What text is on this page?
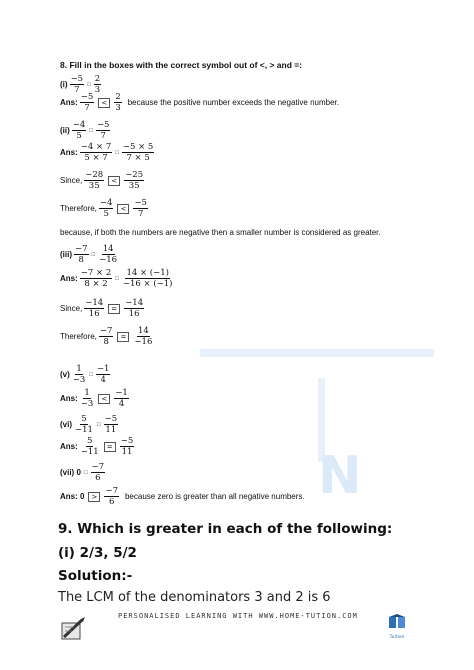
N
8. Fill in the boxes with the correct symbol out of <, > and =:
$(i) \frac{-5}{7}$ □ $\frac{2}{3}$
Ans: $\frac{-5}{7}$	< $\frac{2}{3}$ because the positive number exceeds the negative number.
$(ii) \frac{-4}{5}$ □ $\frac{-5}{7}$
Ans: $\frac{-4 \times 7}{5 \times 7}$ □ $\frac{-5 \times 5}{7 \times 5}$
Since, $\frac{-28}{35}$	< $\frac{-25}{35}$
Therefore, $\frac{-4}{5}$	< $\frac{-5}{7}$
because, if both the numbers are negative then a smaller number is considered as greater.
$(iii) \frac{-7}{8}$ □ $\frac{14}{-16}$
Ans: $\frac{-7 \times 2}{8 \times 2}$ □ $\frac{14 \times (-1)}{-16 \times (-1)}$
Since, $\frac{-14}{16}$	= $\frac{-14}{16}$
Therefore, $\frac{-7}{8}$	= $\frac{14}{-16}$
$(v) \frac{1}{-3}$ □ $\frac{-1}{4}$
Ans: $\frac{1}{-3}$	< $\frac{-1}{4}$
$(vi) \frac{5}{-11}$ □ $\frac{-5}{11}$
Ans: $\frac{5}{-11}$	= $\frac{-5}{11}$
(vii) 0 □ $\frac{-7}{6}$
Ans: 0	> $\frac{-7}{6}$ because zero is greater than all negative numbers.
9. Which is greater in each of the following:
(i) 2/3, 5/2
Solution:-
The LCM of the denominators 3 and 2 is 6
PERSONALISED LEARNING WITH WWW.HOME-TUTION.COM
Tuition
